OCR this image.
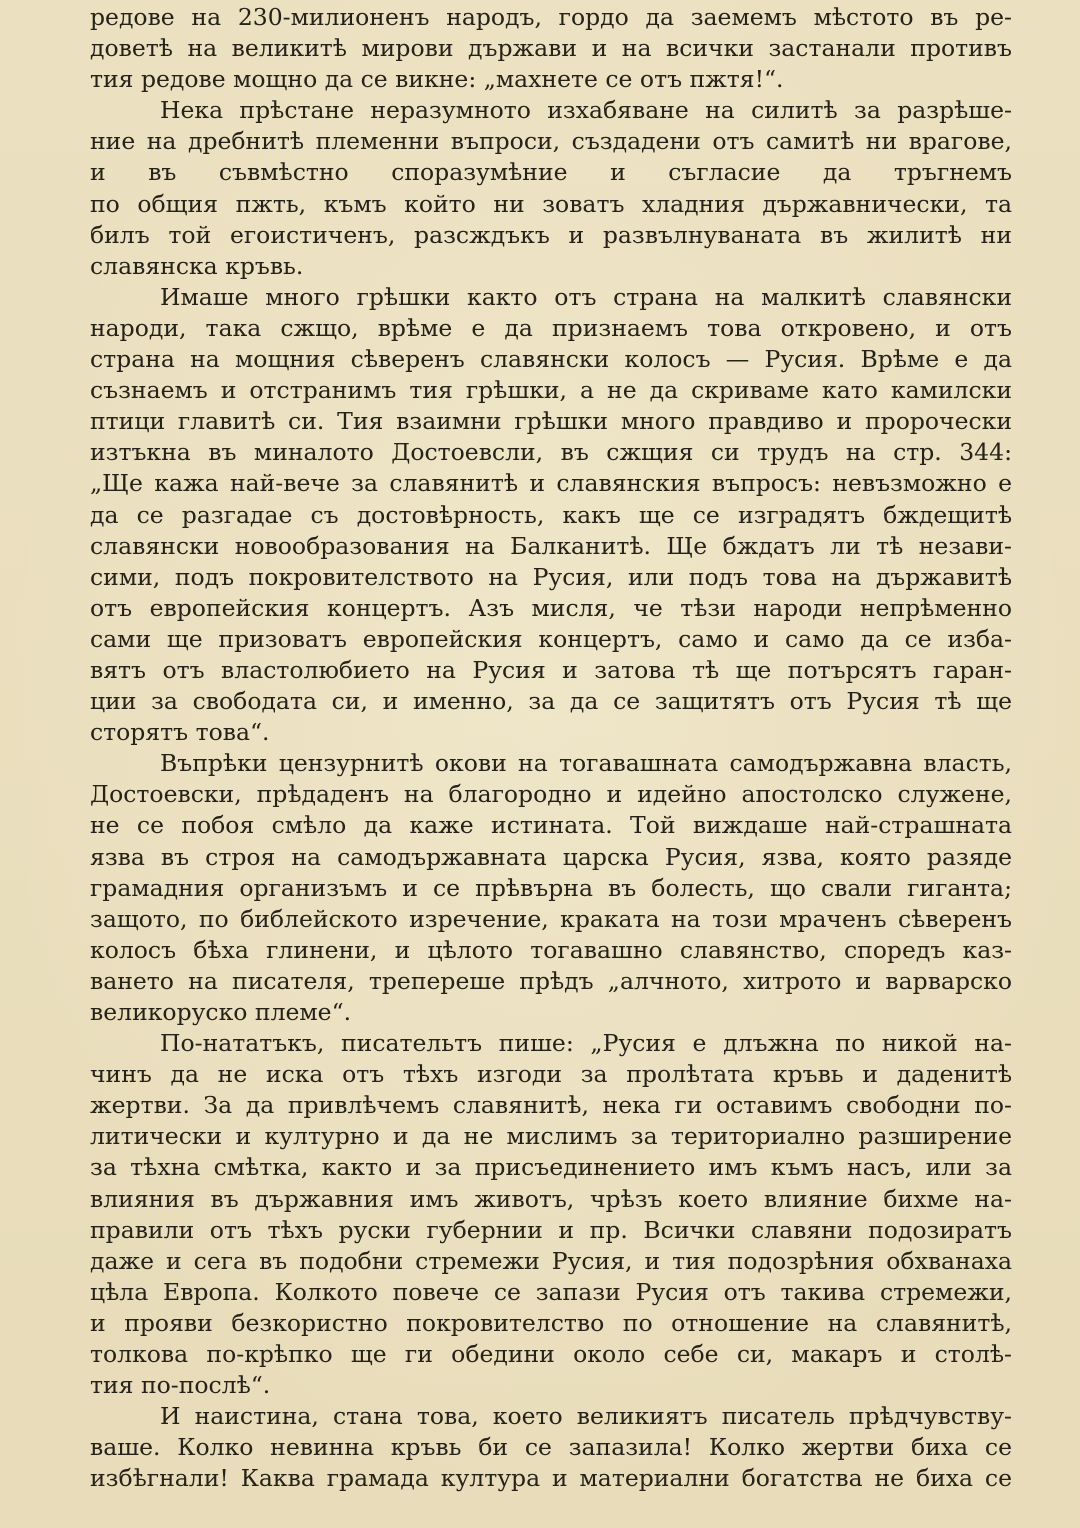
редове на 230-милионенъ народъ, гордо да заемемъ мѣстото въ ре-
доветѣ на великитѣ мирови държави и на всички застанали противъ
тия редове мощно да се викне: „махнете се отъ пжтя!“.
Нека прѣстане неразумното изхабяване на силитѣ за разрѣше-
ние на дребнитѣ племенни въпроси, създадени отъ самитѣ ни врагове,
и въ съвмѣстно споразумѣние и съгласие да тръгнемъ
по общия пжть, къмъ който ни зоватъ хладния държавнически, та
билъ той егоистиченъ, разсждъкъ и развълнуваната въ жилитѣ ни
славянска кръвь.
Имаше много грѣшки както отъ страна на малкитѣ славянски
народи, така сжщо, врѣме е да признаемъ това откровено, и отъ
страна на мощния сѣверенъ славянски колосъ — Русия. Врѣме е да
съзнаемъ и отстранимъ тия грѣшки, а не да скриваме като камилски
птици главитѣ си. Тия взаимни грѣшки много правдиво и пророчески
изтъкна въ миналото Достоевсли, въ сжщия си трудъ на стр. 344:
„Ще кажа най-вече за славянитѣ и славянския въпросъ: невъзможно е
да се разгадае съ достовѣрность, какъ ще се изградятъ бждещитѣ
славянски новообразования на Балканитѣ. Ще бждатъ ли тѣ незави-
сими, подъ покровителството на Русия, или подъ това на държавитѣ
отъ европейския концертъ. Азъ мисля, че тѣзи народи непрѣменно
сами ще призоватъ европейския концертъ, само и само да се изба-
вятъ отъ властолюбието на Русия и затова тѣ ще потърсятъ гаран-
ции за свободата си, и именно, за да се защитятъ отъ Русия тѣ ще
сторятъ това“.
Въпрѣки цензурнитѣ окови на тогавашната самодържавна власть,
Достоевски, прѣдаденъ на благородно и идейно апостолско служене,
не се побоя смѣло да каже истината. Той виждаше най-страшната
язва въ строя на самодържавната царска Русия, язва, която разяде
грамадния организъмъ и се прѣвърна въ болесть, що свали гиганта;
защото, по библейското изречение, краката на този мраченъ сѣверенъ
колосъ бѣха глинени, и цѣлото тогавашно славянство, споредъ каз-
ването на писателя, трепереше прѣдъ „алчното, хитрото и варварско
великоруско племе“.
По-нататъкъ, писательтъ пише: „Русия е длъжна по никой на-
чинъ да не иска отъ тѣхъ изгоди за пролѣтата кръвь и даденитѣ
жертви. За да привлѣчемъ славянитѣ, нека ги оставимъ свободни по-
литически и културно и да не мислимъ за териториално разширение
за тѣхна смѣтка, както и за присъединението имъ къмъ насъ, или за
влияния въ държавния имъ животъ, чрѣзъ което влияние бихме на-
правили отъ тѣхъ руски губернии и пр. Всички славяни подозиратъ
даже и сега въ подобни стремежи Русия, и тия подозрѣния обхванаха
цѣла Европа. Колкото повече се запази Русия отъ такива стремежи,
и прояви безкористно покровителство по отношение на славянитѣ,
толкова по-крѣпко ще ги обедини около себе си, макаръ и столѣ-
тия по-послѣ“.
И наистина, стана това, което великиятъ писатель прѣдчувству-
ваше. Колко невинна кръвь би се запазила! Колко жертви биха се
избѣгнали! Каква грамада култура и материални богатства не биха се
